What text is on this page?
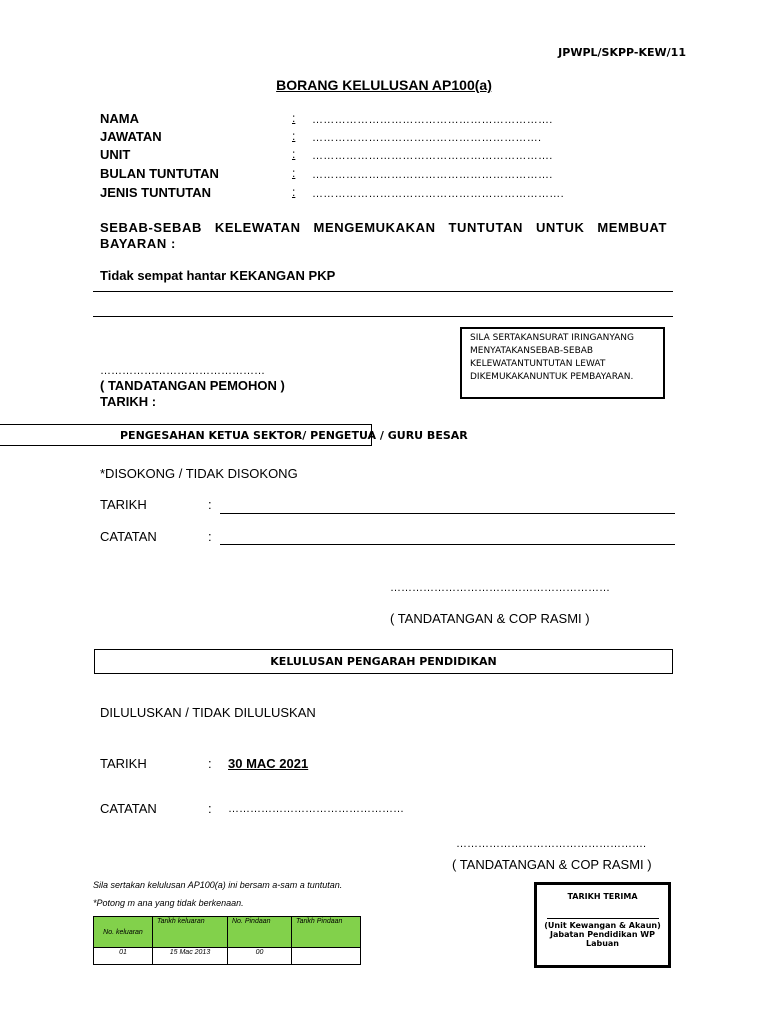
JPWPL/SKPP-KEW/11
BORANG KELULUSAN AP100(a)
NAMA	: ……………………………………………………….
JAWATAN	: …………………………………………………….
UNIT	: ……………………………………………………….
BULAN TUNTUTAN	: ……………………………………………………….
JENIS TUNTUTAN	: ………………………………………………………….
SEBAB-SEBAB KELEWATAN MENGEMUKAKAN TUNTUTAN UNTUK MEMBUAT BAYARAN :
Tidak sempat hantar KEKANGAN PKP
SILA SERTAKANSURAT IRINGANYANG MENYATAKANSEBAB-SEBAB KELEWATANTUNTUTAN LEWAT DIKEMUKAKANUNTUK PEMBAYARAN.
………………………………………
( TANDATANGAN PEMOHON )
TARIKH :
PENGESAHAN KETUA SEKTOR/ PENGETUA / GURU BESAR
*DISOKONG / TIDAK DISOKONG
TARIKH	:
CATATAN	:
……………………………………………………
( TANDATANGAN & COP RASMI )
KELULUSAN PENGARAH PENDIDIKAN
DILULUSKAN / TIDAK DILULUSKAN
TARIKH	: 30 MAC 2021
CATATAN	: …………………………………………
…………………………………………….
( TANDATANGAN & COP RASMI )
Sila sertakan kelulusan AP100(a) ini bersam a-sam a tuntutan.
*Potong m ana yang tidak berkenaan.
No. keluaran	Tarikh keluaran	No. Pindaan	Tarikh Pindaan
01	15 Mac 2013	00	
TARIKH TERIMA
(Unit Kewangan & Akaun)
Jabatan Pendidikan WP
Labuan
